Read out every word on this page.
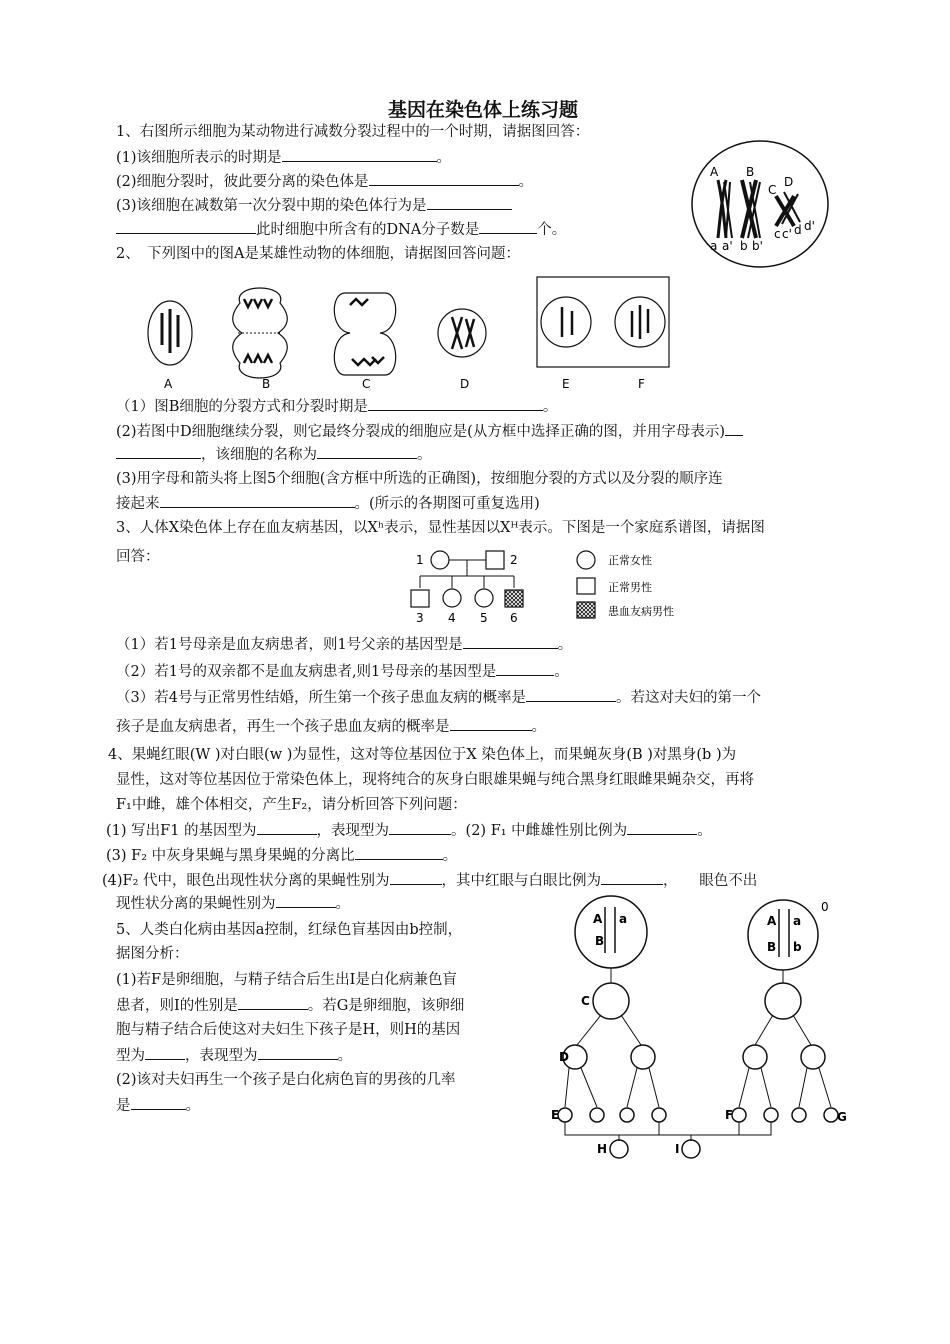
基因在染色体上练习题
1、右图所示细胞为某动物进行减数分裂过程中的一个时期，请据图回答：
(1)该细胞所表示的时期是	。
(2)细胞分裂时，彼此要分离的染色体是	。
(3)该细胞在减数第一次分裂中期的染色体行为是
此时细胞中所含有的DNA分子数是	个。
A B
C
D
a a' b b'
c c' d d'
2、　下列图中的图A是某雄性动物的体细胞，请据图回答问题：
A	B	C	D	E	F
（1）图B细胞的分裂方式和分裂时期是	。
(2)若图中D细胞继续分裂，则它最终分裂成的细胞应是(从方框中选择正确的图，并用字母表示)
，该细胞的名称为	。
(3)用字母和箭头将上图5个细胞(含方框中所选的正确图)，按细胞分裂的方式以及分裂的顺序连
接起来	。(所示的各期图可重复选用)
3、人体X染色体上存在血友病基因，以Xʰ表示，显性基因以Xᴴ表示。下图是一个家庭系谱图，请据图
回答：	1	2
3 4 5 6
正常女性
正常男性
患血友病男性
（1）若1号母亲是血友病患者，则1号父亲的基因型是	。
（2）若1号的双亲都不是血友病患者,则1号母亲的基因型是	。
（3）若4号与正常男性结婚，所生第一个孩子患血友病的概率是	。若这对夫妇的第一个
孩子是血友病患者，再生一个孩子患血友病的概率是	。
4、果蝇红眼(W )对白眼(w )为显性，这对等位基因位于X 染色体上，而果蝇灰身(B )对黑身(b )为
显性，这对等位基因位于常染色体上，现将纯合的灰身白眼雄果蝇与纯合黑身红眼雌果蝇杂交，再将
F₁中雌，雄个体相交，产生F₂，请分析回答下列问题：
(1) 写出F1 的基因型为	，表现型为	。(2) F₁ 中雌雄性别比例为	。
(3) F₂ 中灰身果蝇与黑身果蝇的分离比	。
(4)F₂ 代中，眼色出现性状分离的果蝇性别为	，其中红眼与白眼比例为	，　　眼色不出
现性状分离的果蝇性别为	。
5、人类白化病由基因a控制，红绿色盲基因由b控制，
据图分析：
(1)若F是卵细胞，与精子结合后生出I是白化病兼色盲
患者，则I的性别是	。若G是卵细胞，该卵细
胞与精子结合后使这对夫妇生下孩子是H，则H的基因
型为	，表现型为	。
(2)该对夫妇再生一个孩子是白化病色盲的男孩的几率
是	。
A a
B
A a
B b
0
C
D
E	F	G
H	I
